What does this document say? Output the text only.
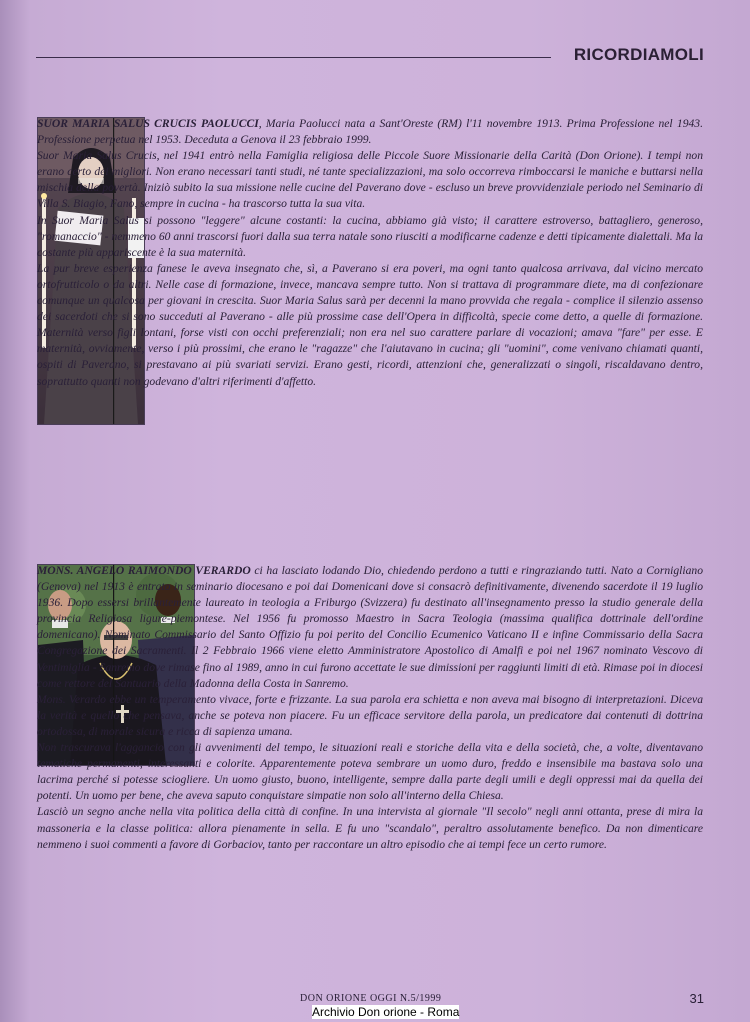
RICORDIAMOLI

SUOR MARIA SALUS CRUCIS PAOLUCCI, Maria Paolucci nata a Sant'Oreste (RM) l'11 novembre 1913. Prima Professione nel 1943. Professione perpetua nel 1953. Deceduta a Genova il 23 febbraio 1999.

Suor Maria Salus Crucis, nel 1941 entrò nella Famiglia religiosa delle Piccole Suore Missionarie della Carità (Don Orione). I tempi non erano certo dei migliori. Non erano necessari tanti studi, né tante specializzazioni, ma solo occorreva rimboccarsi le maniche e buttarsi nella mischia della povertà. Iniziò subito la sua missione nelle cucine del Paverano dove - escluso un breve provvidenziale periodo nel Seminario di Villa S. Biagio, Fano, sempre in cucina - ha trascorso tutta la sua vita.

In Suor Maria Salus si possono "leggere" alcune costanti: la cucina, abbiamo già visto; il carattere estroverso, battagliero, generoso, "romanaccio" - nemmeno 60 anni trascorsi fuori dalla sua terra natale sono riusciti a modificarne cadenze e detti tipicamente dialettali. Ma la costante più appariscente è la sua maternità.

La pur breve esperienza fanese le aveva insegnato che, sì, a Paverano si era poveri, ma ogni tanto qualcosa arrivava, dal vicino mercato ortofrutticolo o da altri. Nelle case di formazione, invece, mancava sempre tutto. Non si trattava di programmare diete, ma di confezionare comunque un qualcosa per giovani in crescita. Suor Maria Salus sarà per decenni la mano provvida che regala - complice il silenzio assenso dei sacerdoti che si sono succeduti al Paverano - alle più prossime case dell'Opera in difficoltà, specie come detto, a quelle di formazione. Maternità verso figli lontani, forse visti con occhi preferenziali; non era nel suo carattere parlare di vocazioni; amava "fare" per esse. E maternità, ovviamente, verso i più prossimi, che erano le "ragazze" che l'aiutavano in cucina; gli "uomini", come venivano chiamati quanti, ospiti di Paverano, si prestavano ai più svariati servizi. Erano gesti, ricordi, attenzioni che, generalizzati o singoli, riscaldavano dentro, soprattutto quanti non godevano d'altri riferimenti d'affetto.

MONS. ANGELO RAIMONDO VERARDO ci ha lasciato lodando Dio, chiedendo perdono a tutti e ringraziando tutti. Nato a Cornigliano (Genova) nel 1913 è entrato in seminario diocesano e poi dai Domenicani dove si consacrò definitivamente, divenendo sacerdote il 19 luglio 1936. Dopo essersi brillantemente laureato in teologia a Friburgo (Svizzera) fu destinato all'insegnamento presso la studio generale della provincia Religiosa ligure-piemontese. Nel 1956 fu promosso Maestro in Sacra Teologia (massima qualifica dottrinale dell'ordine domenicano). Nominato Commissario del Santo Offizio fu poi perito del Concilio Ecumenico Vaticano II e infine Commissario della Sacra Congregazione dei Sacramenti. Il 2 Febbraio 1966 viene eletto Amministratore Apostolico di Amalfi e poi nel 1967 nominato Vescovo di Ventimiglia - Sanremo dove rimase fino al 1989, anno in cui furono accettate le sue dimissioni per raggiunti limiti di età. Rimase poi in diocesi come rettore del Santuario della Madonna della Costa in Sanremo.

Mons. Verardo ebbe un temperamento vivace, forte e frizzante. La sua parola era schietta e non aveva mai bisogno di interpretazioni. Diceva la verità e quello che pensava, anche se poteva non piacere. Fu un efficace servitore della parola, un predicatore dai contenuti di dottrina ortodossa, di morale sicura e ricca di sapienza umana.

Non trascurava l'aggancio con gli avvenimenti del tempo, le situazioni reali e storiche della vita e della società, che, a volte, diventavano tematiche permanenti, interessanti e colorite. Apparentemente poteva sembrare un uomo duro, freddo e insensibile ma bastava solo una lacrima perché si potesse sciogliere. Un uomo giusto, buono, intelligente, sempre dalla parte degli umili e degli oppressi mai da quella dei potenti. Un uomo per bene, che aveva saputo conquistare simpatie non solo all'interno della Chiesa.

Lasciò un segno anche nella vita politica della città di confine. In una intervista al giornale "Il secolo" negli anni ottanta, prese di mira la massoneria e la classe politica: allora pienamente in sella. E fu uno "scandalo", peraltro assolutamente benefico. Da non dimenticare nemmeno i suoi commenti a favore di Gorbaciov, tanto per raccontare un altro episodio che ai tempi fece un certo rumore.

DON ORIONE OGGI N.5/1999	31
Archivio Don orione - Roma
